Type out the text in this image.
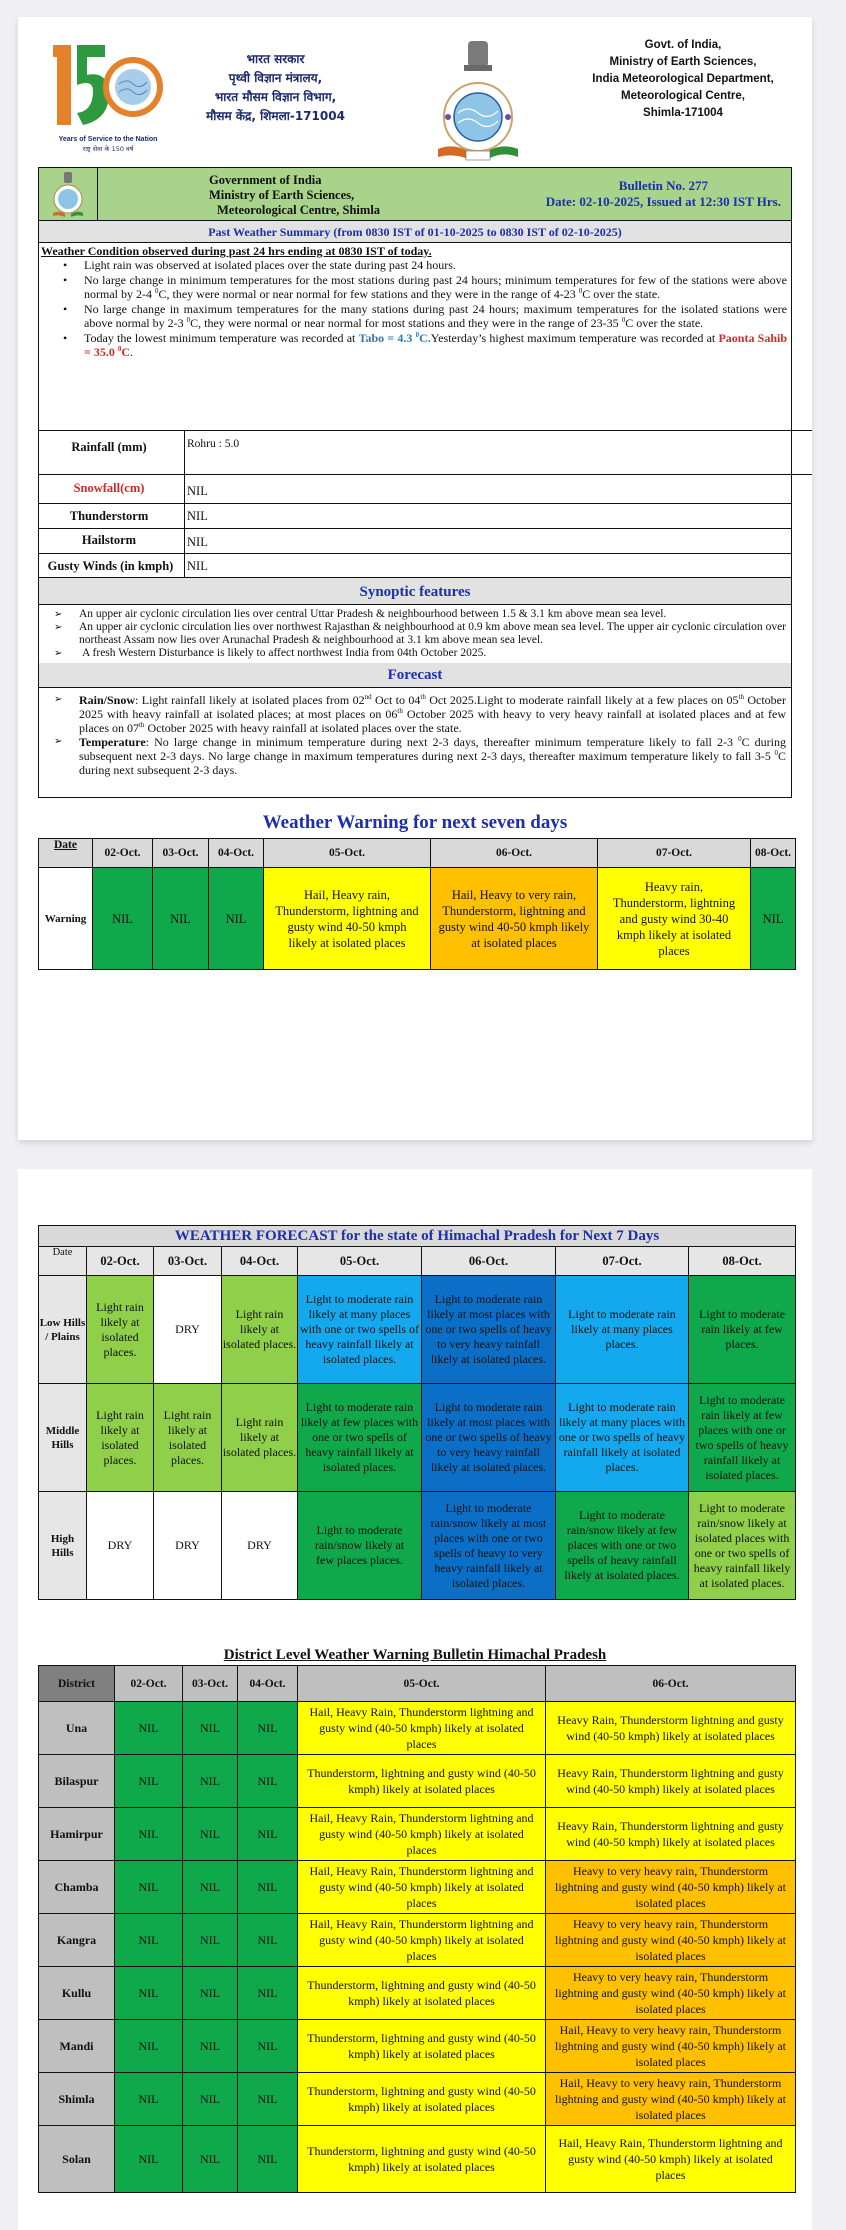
Years of Service to the Nation
राष्ट्र सेवा के 150 वर्ष
भारत सरकार
पृथ्वी विज्ञान मंत्रालय,
भारत मौसम विज्ञान विभाग,
मौसम केंद्र, शिमला-171004
Govt. of India,
Ministry of Earth Sciences,
India Meteorological Department,
Meteorological Centre,
Shimla-171004
Government of India
Ministry of Earth Sciences,
Meteorological Centre, Shimla
Bulletin No. 277
Date: 02-10-2025, Issued at 12:30 IST Hrs.
Past Weather Summary (from 0830 IST of 01-10-2025 to 0830 IST of 02-10-2025)
Weather Condition observed during past 24 hrs ending at 0830 IST of today.
• Light rain was observed at isolated places over the state during past 24 hours.
• No large change in minimum temperatures for the most stations during past 24 hours; minimum temperatures for few of the stations were above normal by 2-4 $^0$C, they were normal or near normal for few stations and they were in the range of 4-23 $^0$C over the state.
• No large change in maximum temperatures for the many stations during past 24 hours; maximum temperatures for the isolated stations were above normal by 2-3 $^0$C, they were normal or near normal for most stations and they were in the range of 23-35 $^0$C over the state.
• Today the lowest minimum temperature was recorded at Tabo = 4.3 $^0$C.Yesterday’s highest maximum temperature was recorded at Paonta Sahib = 35.0 $^0$C.
Rainfall (mm)	Rohru : 5.0
Snowfall(cm)	NIL
Thunderstorm	NIL
Hailstorm	NIL
Gusty Winds (in kmph)	NIL
Synoptic features
➢ An upper air cyclonic circulation lies over central Uttar Pradesh & neighbourhood between 1.5 & 3.1 km above mean sea level.
➢ An upper air cyclonic circulation lies over northwest Rajasthan & neighbourhood at 0.9 km above mean sea level. The upper air cyclonic circulation over northeast Assam now lies over Arunachal Pradesh & neighbourhood at 3.1 km above mean sea level.
➢ A fresh Western Disturbance is likely to affect northwest India from 04th October 2025.
Forecast
➢ Rain/Snow: Light rainfall likely at isolated places from 02nd Oct to 04th Oct 2025.Light to moderate rainfall likely at a few places on 05th October 2025 with heavy rainfall at isolated places; at most places on 06th October 2025 with heavy to very heavy rainfall at isolated places and at few places on 07th October 2025 with heavy rainfall at isolated places over the state.
➢ Temperature: No large change in minimum temperature during next 2-3 days, thereafter minimum temperature likely to fall 2-3 $^0$C during subsequent next 2-3 days. No large change in maximum temperatures during next 2-3 days, thereafter maximum temperature likely to fall 3-5 $^0$C during next subsequent 2-3 days.
Weather Warning for next seven days
Date	02-Oct.	03-Oct.	04-Oct.	05-Oct.	06-Oct.	07-Oct.	08-Oct.
Warning	NIL	NIL	NIL	Hail, Heavy rain, Thunderstorm, lightning and gusty wind 40-50 kmph likely at isolated places	Hail, Heavy to very rain, Thunderstorm, lightning and gusty wind 40-50 kmph likely at isolated places	Heavy rain, Thunderstorm, lightning and gusty wind 30-40 kmph likely at isolated places	NIL
WEATHER FORECAST for the state of Himachal Pradesh for Next 7 Days							
Date	02-Oct.	03-Oct.	04-Oct.	05-Oct.	06-Oct.	07-Oct.	08-Oct.
Low Hills / Plains	Light rain likely at isolated places.	DRY	Light rain likely at isolated places.	Light to moderate rain likely at many places with one or two spells of heavy rainfall likely at isolated places.	Light to moderate rain likely at most places with one or two spells of heavy to very heavy rainfall likely at isolated places.	Light to moderate rain likely at many places places.	Light to moderate rain likely at few places.
Middle Hills	Light rain likely at isolated places.	Light rain likely at isolated places.	Light rain likely at isolated places.	Light to moderate rain likely at few places with one or two spells of heavy rainfall likely at isolated places.	Light to moderate rain likely at most places with one or two spells of heavy to very heavy rainfall likely at isolated places.	Light to moderate rain likely at many places with one or two spells of heavy rainfall likely at isolated places.	Light to moderate rain likely at few places with one or two spells of heavy rainfall likely at isolated places.
High Hills	DRY	DRY	DRY	Light to moderate rain/snow likely at few places places.	Light to moderate rain/snow likely at most places with one or two spells of heavy to very heavy rainfall likely at isolated places.	Light to moderate rain/snow likely at few places with one or two spells of heavy rainfall likely at isolated places.	Light to moderate rain/snow likely at isolated places with one or two spells of heavy rainfall likely at isolated places.
District Level Weather Warning Bulletin Himachal Pradesh
District	02-Oct.	03-Oct.	04-Oct.	05-Oct.	06-Oct.
Una	NIL	NIL	NIL	Hail, Heavy Rain, Thunderstorm lightning and gusty wind (40-50 kmph) likely at isolated places	Heavy Rain, Thunderstorm lightning and gusty wind (40-50 kmph) likely at isolated places
Bilaspur	NIL	NIL	NIL	Thunderstorm, lightning and gusty wind (40-50 kmph) likely at isolated places	Heavy Rain, Thunderstorm lightning and gusty wind (40-50 kmph) likely at isolated places
Hamirpur	NIL	NIL	NIL	Hail, Heavy Rain, Thunderstorm lightning and gusty wind (40-50 kmph) likely at isolated places	Heavy Rain, Thunderstorm lightning and gusty wind (40-50 kmph) likely at isolated places
Chamba	NIL	NIL	NIL	Hail, Heavy Rain, Thunderstorm lightning and gusty wind (40-50 kmph) likely at isolated places	Heavy to very heavy rain, Thunderstorm lightning and gusty wind (40-50 kmph) likely at isolated places
Kangra	NIL	NIL	NIL	Hail, Heavy Rain, Thunderstorm lightning and gusty wind (40-50 kmph) likely at isolated places	Heavy to very heavy rain, Thunderstorm lightning and gusty wind (40-50 kmph) likely at isolated places
Kullu	NIL	NIL	NIL	Thunderstorm, lightning and gusty wind (40-50 kmph) likely at isolated places	Heavy to very heavy rain, Thunderstorm lightning and gusty wind (40-50 kmph) likely at isolated places
Mandi	NIL	NIL	NIL	Thunderstorm, lightning and gusty wind (40-50 kmph) likely at isolated places	Hail, Heavy to very heavy rain, Thunderstorm lightning and gusty wind (40-50 kmph) likely at isolated places
Shimla	NIL	NIL	NIL	Thunderstorm, lightning and gusty wind (40-50 kmph) likely at isolated places	Hail, Heavy to very heavy rain, Thunderstorm lightning and gusty wind (40-50 kmph) likely at isolated places
Solan	NIL	NIL	NIL	Thunderstorm, lightning and gusty wind (40-50 kmph) likely at isolated places	Hail, Heavy Rain, Thunderstorm lightning and gusty wind (40-50 kmph) likely at isolated places
